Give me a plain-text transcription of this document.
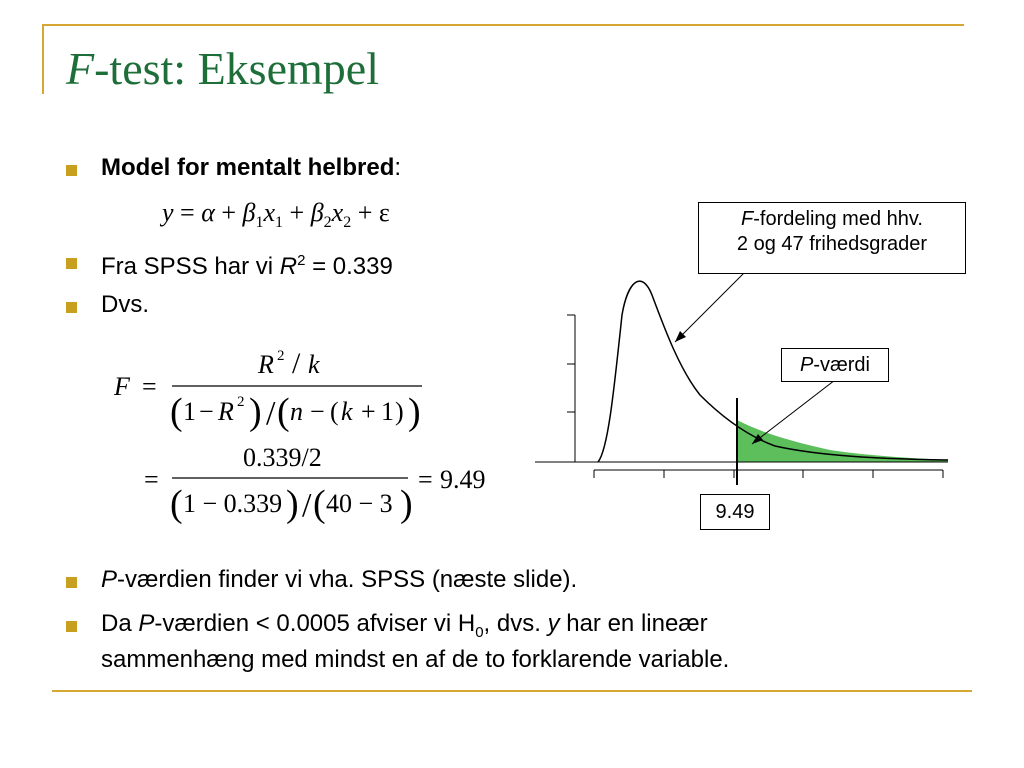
F-test: Eksempel
Model for mentalt helbred:
$y = \alpha + \beta_1x_1 + \beta_2x_2 + \varepsilon$
Fra SPSS har vi $R^2 = 0.339$
Dvs.
F =
R 2 / k
( 1 − R 2 ) / ( n − ( k + 1 ) )
=
0.339/2
( 1 − 0.339 ) / ( 40 − 3 )
= 9.49
F-fordeling med hhv.
2 og 47 frihedsgrader
P-værdi
9.49
P-værdien finder vi vha. SPSS (næste slide).
Da P-værdien < 0.0005 afviser vi $H_0$, dvs. y har en lineær
sammenhæng med mindst en af de to forklarende variable.
